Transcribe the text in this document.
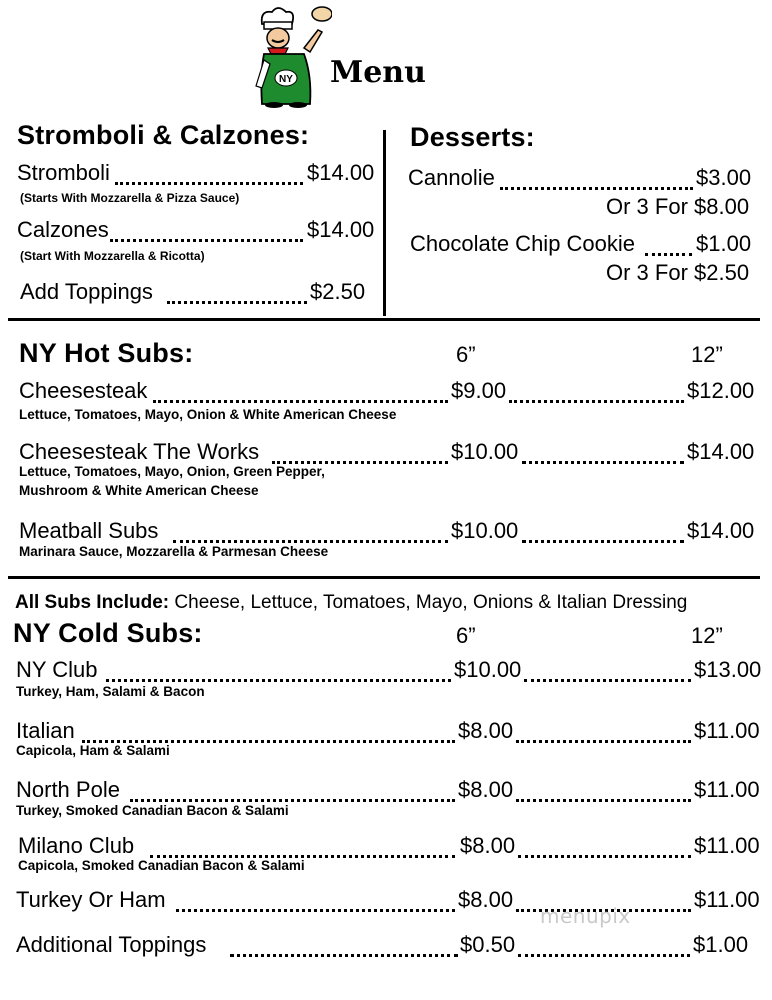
NY Menu
Stromboli & Calzones:
Stromboli	$14.00
(Starts With Mozzarella & Pizza Sauce)
Calzones	$14.00
(Start With Mozzarella & Ricotta)
Add Toppings	$2.50
Desserts:
Cannolie	$3.00
Or 3 For $8.00
Chocolate Chip Cookie	$1.00
Or 3 For $2.50
NY Hot Subs:	6”	12”
Cheesesteak	$9.00	$12.00
Lettuce, Tomatoes, Mayo, Onion & White American Cheese
Cheesesteak The Works	$10.00	$14.00
Lettuce, Tomatoes, Mayo, Onion, Green Pepper,
Mushroom & White American Cheese
Meatball Subs	$10.00	$14.00
Marinara Sauce, Mozzarella & Parmesan Cheese
All Subs Include: Cheese, Lettuce, Tomatoes, Mayo, Onions & Italian Dressing
NY Cold Subs:	6”	12”
NY Club	$10.00	$13.00
Turkey, Ham, Salami & Bacon
Italian	$8.00	$11.00
Capicola, Ham & Salami
North Pole	$8.00	$11.00
Turkey, Smoked Canadian Bacon & Salami
Milano Club	$8.00	$11.00
Capicola, Smoked Canadian Bacon & Salami
Turkey Or Ham	$8.00	$11.00
Additional Toppings	$0.50	$1.00
menupix
